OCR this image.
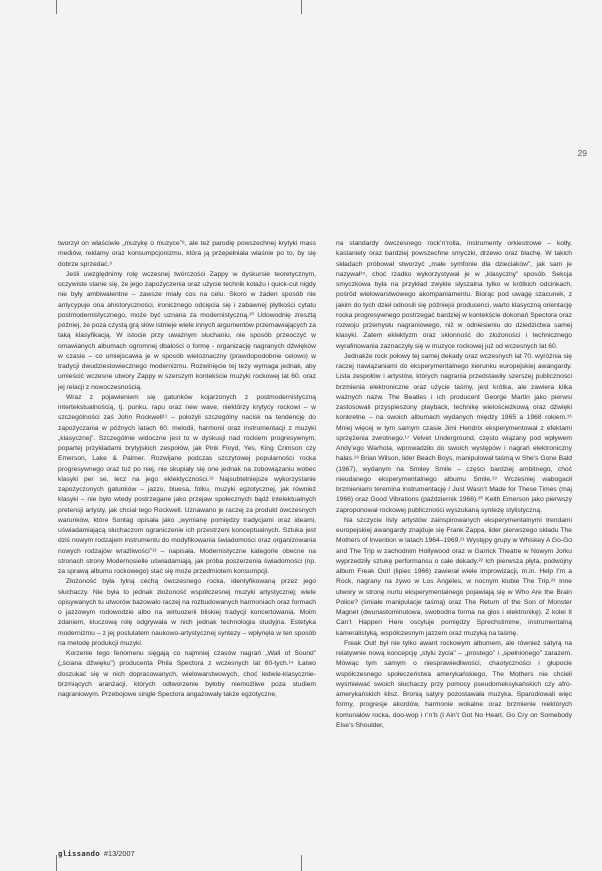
29

tworzył on właściwie „muzykę o muzyce”⁸, ale też parodię powszechnej krytyki mass mediów, reklamy oraz konsumpcjonizmu, która ją przepełniała właśnie po to, by się dobrze sprzedać.⁹

Jeśli uwzględnimy rolę wczesnej twórczości Zappy w dyskursie teoretycznym, oczywiste stanie się, że jego zapożyczenia oraz użycie technik kolażu i quick-cut nigdy nie były ambiwalentne – zawsze miały cos na celu. Skoro w żaden sposób nie antycypuje ona ahistoryczności, ironicznego odcięcia się i zabawnej płytkości cytatu postmodernistycznego, może być uznana za modernistyczną.¹⁰ Udowodnię zresztą później, że poza czystą grą słów istnieje wiele innych argumentów przemawiających za taką klasyfikacją. W istocie przy uważnym słuchaniu, nie sposób przeoczyć w omawianych albumach ogromnej dbałości o formę - organizację nagranych dźwięków w czasie – co umiejscawia je w sposób wieloznaczny (prawdopodobnie celowo) w tradycji dwudziestowiecznego modernizmu. Rozwinięcie tej tezy wymaga jednak, aby umieścić wczesne utwory Zappy w szerszym kontekście muzyki rockowej lat 60. oraz jej relacji z nowoczesnością.

Wraz z pojawieniem się gatunków kojarzonych z postmodernistyczną intertekstualnością, tj. punku, rapu oraz new wave, niektórzy krytycy rockowi – w szczególności zaś John Rockwell¹¹ – położyli szczególny nacisk na tendencję do zapożyczania w późnych latach 60. melodii, harmonii oraz instrumentacji z muzyki „klasycznej”. Szczególnie widoczne jest to w dyskusji nad rockiem progresywnym, popartej przykładami brytyjskich zespołów, jak Pink Floyd, Yes, King Crimson czy Emerson, Lake & Palmer. Rozwijane podczas szczytowej popularności rocka progresywnego oraz tuż po niej, nie skupiały się one jednak na zobowiązaniu wobec klasyki per se, lecz na jego eklektyczności.¹² Najsubtelniejsze wykorzystanie zapożyczonych gatunków – jazzu, bluesa, folku, muzyki egzotycznej, jak również klasyki – nie było wtedy postrzegane jako przejaw społecznych bądź intelektualnych pretensji artysty, jak chciał tego Rockwell. Uznawano je raczej za produkt ówczesnych warunków, które Sontag opisała jako „wymianę pomiędzy tradycjami oraz ideami, uświadamiającą słuchaczom ograniczenie ich przestrzeni konceptualnych. Sztuka jest dziś nowym rodzajem instrumentu do modyfikowania świadomości oraz organizowania nowych rodzajów wrażliwości”¹³ – napisała. Modernistyczne kategorie obecne na stronach strony Modernosielle uświadamiają, jak próba poszerzenia świadomości (np. za sprawą albumu rockowego) stać się może przedmiotem konsumpcji.

Złożoność była tylną cechą ówczesnego rocka, identyfikowaną przez jego słuchaczy. Nie była to jednak złożoność współczesnej muzyki artystycznej; wiele opisywanych tu utworów bazowało raczej na rozbudowanych harmoniach oraz formach o jazzowym rodowodzie albo na wirtuozerii bliskiej tradycji koncertowania. Moim zdaniem, kluczową rolę odgrywała w nich jednak technologia studyjna. Estetyka modernizmu – z jej postulatem naukowo-artystycznej syntezy – wpłynęła w ten sposób na metodę produkcji muzyki.

Korzenie tego fenomenu sięgają co najmniej czasów nagrań „Wall of Sound” („ściana dźwięku”) producenta Phila Spectora z wczesnych lat 60-tych.¹⁴ Łatwo doszukać się w nich dopracowanych, wielowarstwowych, choć ledwie-klasycznie-brzmiących aranżacji, których odtworzenie byłoby niemożliwe poza studiem nagraniowym. Przebojowe single Spectora angażowały także egzotyczne,

na standardy ówczesnego rock’n’rolla, instrumenty orkiestrowe – kotły, kastaniety oraz bardziej powszechne smyczki, drzewo oraz blachę. W takich składach próbował stworzyć „małe symfonie dla dzieciaków”, jak sam je nazywał¹⁵, choć rzadko wykorzystywał je w „klasyczny” sposób. Sekcja smyczkowa była na przykład zwykle słyszalna tylko w krótkich odcinkach, pośród wielowarstwowego akompaniamentu. Biorąc pod uwagę szacunek, z jakim do tych dzieł odnosili się późniejsi producenci, warto klasyczną orientację rocka progresywnego postrzegać bardziej w kontekście dokonań Spectora oraz rozwoju przemysłu nagraniowego, niż w odniesieniu do dziedzictwa samej klasyki. Zatem eklektyzm oraz skłonność do złożoności i technicznego wyrafinowania zaznaczyły się w muzyce rockowej już od wczesnych lat 60.

Jednakże rock połowy tej samej dekady oraz wczesnych lat 70. wyróżnia się raczej nawiązaniami do eksperymentalnego kierunku europejskiej awangardy. Lista zespołów i artystów, których nagrania przedstawiły szerszej publiczności brzmienia elektroniczne oraz użycie taśmy, jest krótka, ale zawiera kilka ważnych nazw. The Beatles i ich producent George Martin jako pierwsi zastosowali przyspieszony playback, technikę wielościeżkową oraz dźwięki konkretne – na swoich albumach wydanych między 1965 a 1968 rokiem.¹⁶ Mniej więcej w tym samym czasie Jimi Hendrix eksperymentował z efektami sprzężenia zwrotnego.¹⁷ Velvet Underground, często wiązany pod wpływem Andy’ego Warhola, wprowadziło do swoich występów i nagrań elektroniczny hałas.¹⁸ Brian Wilson, lider Beach Boys, manipulował taśmą w She’s Gone Bald (1967), wydanym na Smiley Smile – części bardziej ambitnego, choć nieudanego eksperymentalnego albumu Smile.¹⁹ Wcześniej wabogacił brzmieniami teremina instrumentację / Just Wasn’t Made for These Times (maj 1966) oraz Good Vibrations (październik 1966).²⁰ Keith Emerson jako pierwszy zaproponował rockowej publiczności wyszukaną syntezę stylistyczną.

Na szczycie listy artystów zainspirowanych eksperymentalnymi trendami europejskiej awangardy znajduje się Frank Zappa, lider pierwszego składu The Mothers of Invention w latach 1964–1969.²¹ Występy grupy w Whiskey A Go-Go and The Trip w zachodnim Hollywood oraz w Garrick Theatre w Nowym Jorku wyprzedziły sztukę performansu o całe dekady.²² Ich pierwsza płyta, podwójny album Freak Out! (lipiec 1966) zawierał wiele improwizacji, m.in. Help I’m a Rock, nagrany na żywo w Los Angeles, w nocnym klubie The Trip.²³ Inne utwory w stronę nurtu eksperymentalnego pojawiają się w Who Are the Brain Police? (śmiałe manipulacje taśmą) oraz The Return of the Son of Monster Magnet (dwunastominutowa, swobodna forma na głos i elektronikę). Z kolei It Can’t Happen Here oscyluje pomiędzy Sprechstimme, instrumentalną kameralistyką, współczesnym jazzem oraz muzyką na taśmę.

Freak Out! był nie tylko awant rockowym albumem, ale również satyrą na relatywnie nową koncepcję „stylu życia” – „prostego” i „spełnionego” zarazem. Mówiąc tym samym o niesprawiedliwości, chaotyczności i głupocie współczesnego społeczeństwa amerykańskiego, The Mothers nie chcieli wyśmiewać swoich słuchaczy przy pomocy pseudomeksykańskich czy afro-amerykańskich klisz. Bronią satyry pozostawała muzyka. Sparodiowali więc formy, progresje akordów, harmonie wokalne oraz brzmienie niektórych komunałów rocka, doo-wop i r’n’b (I Ain’t Got No Heart, Go Cry on Somebody Else’s Shoulder,

glissando #13/2007
